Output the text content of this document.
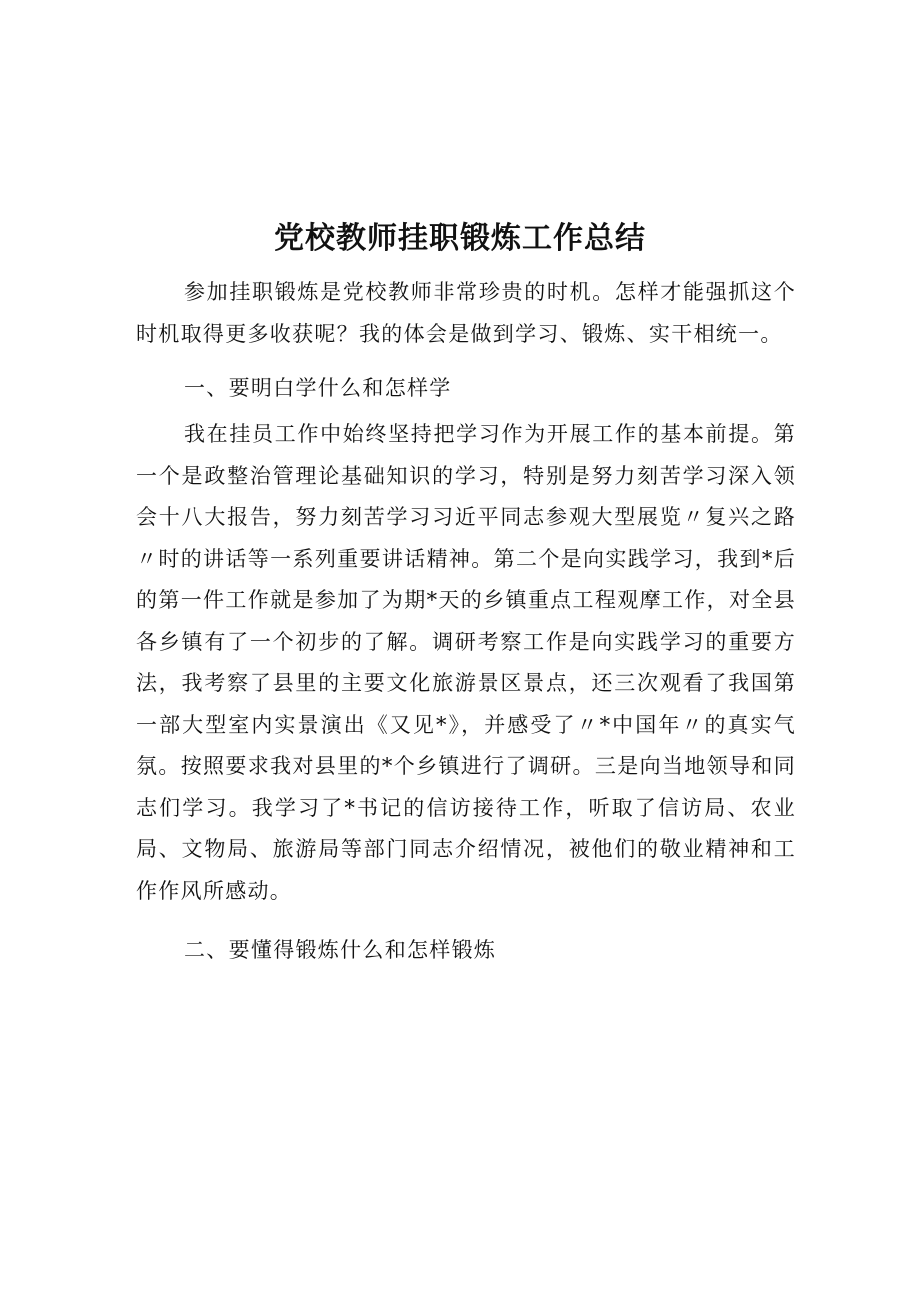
党校教师挂职锻炼工作总结

参加挂职锻炼是党校教师非常珍贵的时机。怎样才能强抓这个时机取得更多收获呢？我的体会是做到学习、锻炼、实干相统一。

一、要明白学什么和怎样学

我在挂员工作中始终坚持把学习作为开展工作的基本前提。第一个是政整治管理论基础知识的学习，特别是努力刻苦学习深入领会十八大报告，努力刻苦学习习近平同志参观大型展览〃复兴之路〃时的讲话等一系列重要讲话精神。第二个是向实践学习，我到*后的第一件工作就是参加了为期*天的乡镇重点工程观摩工作，对全县各乡镇有了一个初步的了解。调研考察工作是向实践学习的重要方法，我考察了县里的主要文化旅游景区景点，还三次观看了我国第一部大型室内实景演出《又见*》，并感受了〃*中国年〃的真实气氛。按照要求我对县里的*个乡镇进行了调研。三是向当地领导和同志们学习。我学习了*书记的信访接待工作，听取了信访局、农业局、文物局、旅游局等部门同志介绍情况，被他们的敬业精神和工作作风所感动。

二、要懂得锻炼什么和怎样锻炼
